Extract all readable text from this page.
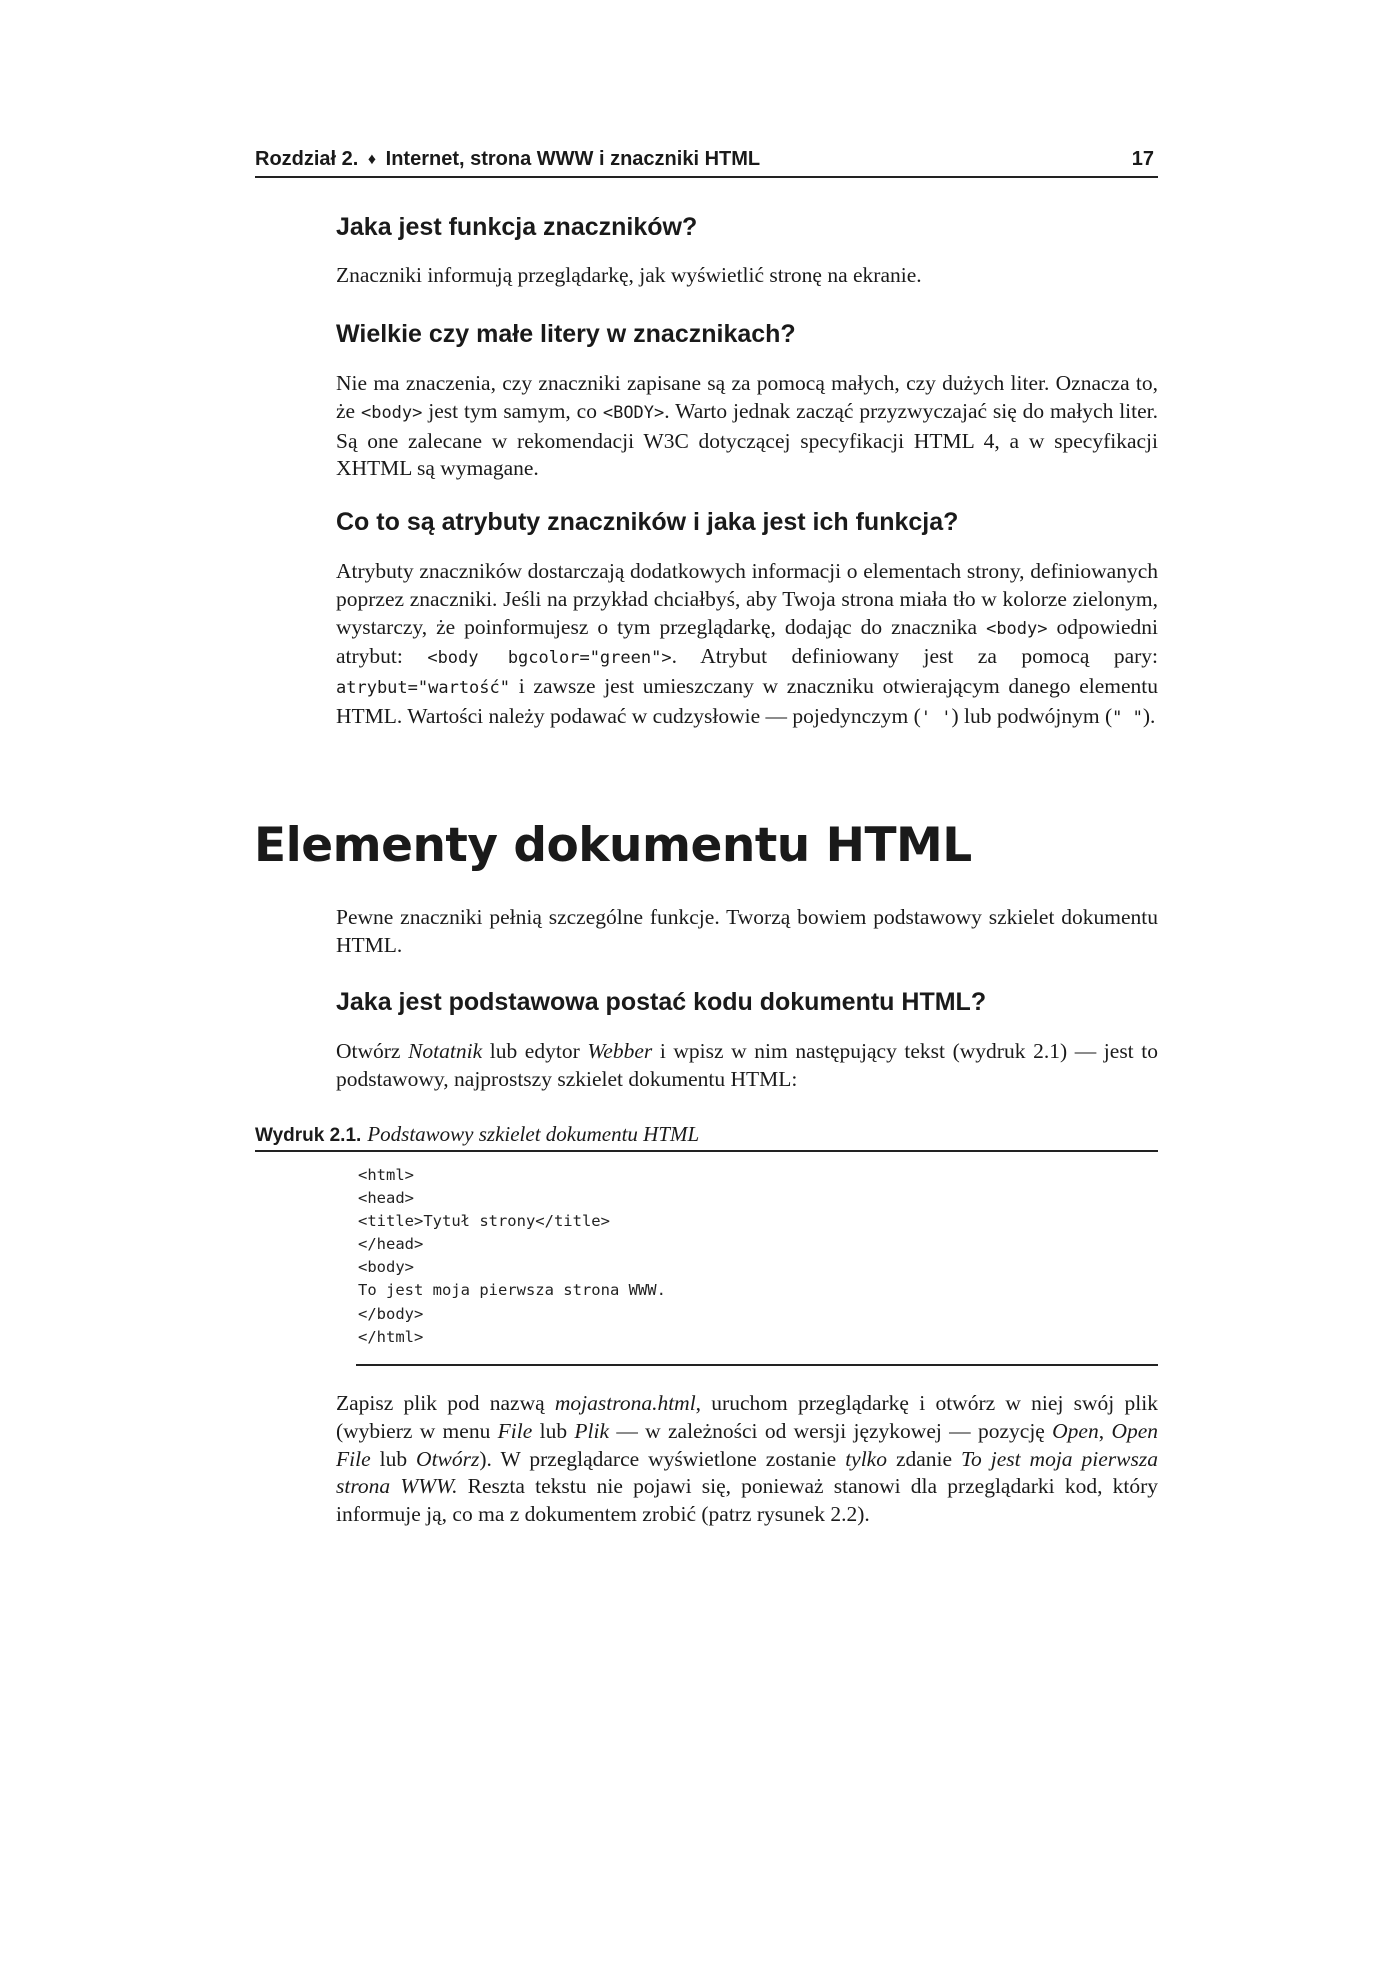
Rozdział 2. ♦ Internet, strona WWW i znaczniki HTML	17
Jaka jest funkcja znaczników?

Znaczniki informują przeglądarkę, jak wyświetlić stronę na ekranie.

Wielkie czy małe litery w znacznikach?

Nie ma znaczenia, czy znaczniki zapisane są za pomocą małych, czy dużych liter. Oznacza to, że <body> jest tym samym, co <BODY>. Warto jednak zacząć przyzwyczajać się do małych liter. Są one zalecane w rekomendacji W3C dotyczącej specyfikacji HTML 4, a w specyfikacji XHTML są wymagane.

Co to są atrybuty znaczników i jaka jest ich funkcja?

Atrybuty znaczników dostarczają dodatkowych informacji o elementach strony, definiowanych poprzez znaczniki. Jeśli na przykład chciałbyś, aby Twoja strona miała tło w kolorze zielonym, wystarczy, że poinformujesz o tym przeglądarkę, dodając do znacznika <body> odpowiedni atrybut: <body bgcolor="green">. Atrybut definiowany jest za pomocą pary: atrybut="wartość" i zawsze jest umieszczany w znaczniku otwierającym danego elementu HTML. Wartości należy podawać w cudzysłowie — pojedynczym (' ') lub podwójnym (" ").

Elementy dokumentu HTML

Pewne znaczniki pełnią szczególne funkcje. Tworzą bowiem podstawowy szkielet dokumentu HTML.

Jaka jest podstawowa postać kodu dokumentu HTML?

Otwórz Notatnik lub edytor Webber i wpisz w nim następujący tekst (wydruk 2.1) — jest to podstawowy, najprostszy szkielet dokumentu HTML:

Wydruk 2.1. Podstawowy szkielet dokumentu HTML
<html>
<head>
<title>Tytuł strony</title>
</head>
<body>
To jest moja pierwsza strona WWW.
</body>
</html>

Zapisz plik pod nazwą mojastrona.html, uruchom przeglądarkę i otwórz w niej swój plik (wybierz w menu File lub Plik — w zależności od wersji językowej — pozycję Open, Open File lub Otwórz). W przeglądarce wyświetlone zostanie tylko zdanie To jest moja pierwsza strona WWW. Reszta tekstu nie pojawi się, ponieważ stanowi dla przeglądarki kod, który informuje ją, co ma z dokumentem zrobić (patrz rysunek 2.2).
